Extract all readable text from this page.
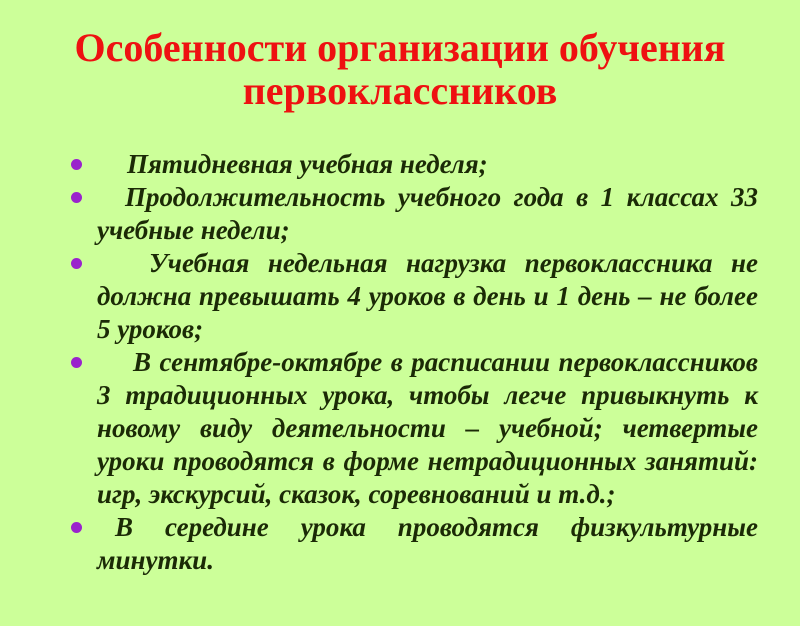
Особенности организации обучения первоклассников
Пятидневная учебная неделя;
Продолжительность учебного года в 1 классах 33 учебные недели;
Учебная недельная нагрузка первоклассника не должна превышать 4 уроков в день и 1 день – не более 5 уроков;
В сентябре-октябре в расписании первоклассников 3 традиционных урока, чтобы легче привыкнуть к новому виду деятельности – учебной; четвертые уроки проводятся в форме нетрадиционных занятий: игр, экскурсий, сказок, соревнований и т.д.;
В середине урока проводятся физкультурные минутки.
